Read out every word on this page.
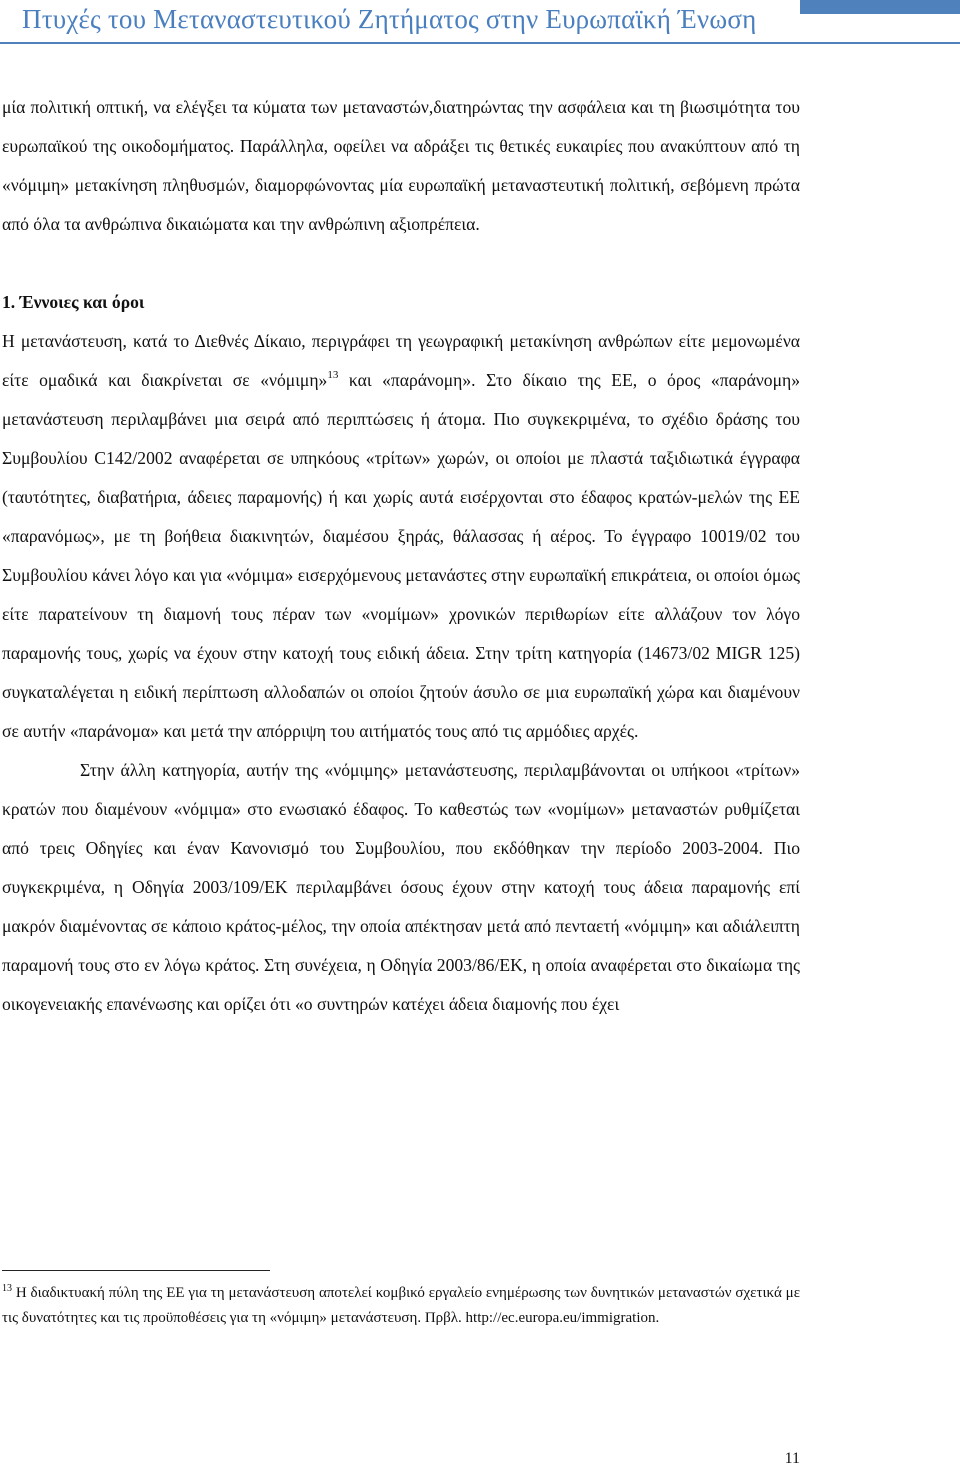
Πτυχές του Μεταναστευτικού Ζητήματος στην Ευρωπαϊκή Ένωση

μία πολιτική οπτική, να ελέγξει τα κύματα των μεταναστών,διατηρώντας την ασφάλεια και τη βιωσιμότητα του ευρωπαϊκού της οικοδομήματος. Παράλληλα, οφείλει να αδράξει τις θετικές ευκαιρίες που ανακύπτουν από τη «νόμιμη» μετακίνηση πληθυσμών, διαμορφώνοντας μία ευρωπαϊκή μεταναστευτική πολιτική, σεβόμενη πρώτα από όλα τα ανθρώπινα δικαιώματα και την ανθρώπινη αξιοπρέπεια.

1. Έννοιες και όροι

Η μετανάστευση, κατά το Διεθνές Δίκαιο, περιγράφει τη γεωγραφική μετακίνηση ανθρώπων είτε μεμονωμένα είτε ομαδικά και διακρίνεται σε «νόμιμη»$^{13}$ και «παράνομη». Στο δίκαιο της ΕΕ, ο όρος «παράνομη» μετανάστευση περιλαμβάνει μια σειρά από περιπτώσεις ή άτομα. Πιο συγκεκριμένα, το σχέδιο δράσης του Συμβουλίου C142/2002 αναφέρεται σε υπηκόους «τρίτων» χωρών, οι οποίοι με πλαστά ταξιδιωτικά έγγραφα (ταυτότητες, διαβατήρια, άδειες παραμονής) ή και χωρίς αυτά εισέρχονται στο έδαφος κρατών-μελών της ΕΕ «παρανόμως», με τη βοήθεια διακινητών, διαμέσου ξηράς, θάλασσας ή αέρος. Το έγγραφο 10019/02 του Συμβουλίου κάνει λόγο και για «νόμιμα» εισερχόμενους μετανάστες στην ευρωπαϊκή επικράτεια, οι οποίοι όμως είτε παρατείνουν τη διαμονή τους πέραν των «νομίμων» χρονικών περιθωρίων είτε αλλάζουν τον λόγο παραμονής τους, χωρίς να έχουν στην κατοχή τους ειδική άδεια. Στην τρίτη κατηγορία (14673/02 MIGR 125) συγκαταλέγεται η ειδική περίπτωση αλλοδαπών οι οποίοι ζητούν άσυλο σε μια ευρωπαϊκή χώρα και διαμένουν σε αυτήν «παράνομα» και μετά την απόρριψη του αιτήματός τους από τις αρμόδιες αρχές.

Στην άλλη κατηγορία, αυτήν της «νόμιμης» μετανάστευσης, περιλαμβάνονται οι υπήκοοι «τρίτων» κρατών που διαμένουν «νόμιμα» στο ενωσιακό έδαφος. Το καθεστώς των «νομίμων» μεταναστών ρυθμίζεται από τρεις Οδηγίες και έναν Κανονισμό του Συμβουλίου, που εκδόθηκαν την περίοδο 2003-2004. Πιο συγκεκριμένα, η Οδηγία 2003/109/ΕΚ περιλαμβάνει όσους έχουν στην κατοχή τους άδεια παραμονής επί μακρόν διαμένοντας σε κάποιο κράτος-μέλος, την οποία απέκτησαν μετά από πενταετή «νόμιμη» και αδιάλειπτη παραμονή τους στο εν λόγω κράτος. Στη συνέχεια, η Οδηγία 2003/86/ΕΚ, η οποία αναφέρεται στο δικαίωμα της οικογενειακής επανένωσης και ορίζει ότι «ο συντηρών κατέχει άδεια διαμονής που έχει

$^{13}$ Η διαδικτυακή πύλη της ΕΕ για τη μετανάστευση αποτελεί κομβικό εργαλείο ενημέρωσης των δυνητικών μεταναστών σχετικά με τις δυνατότητες και τις προϋποθέσεις για τη «νόμιμη» μετανάστευση. Πρβλ. http://ec.europa.eu/immigration.

11
